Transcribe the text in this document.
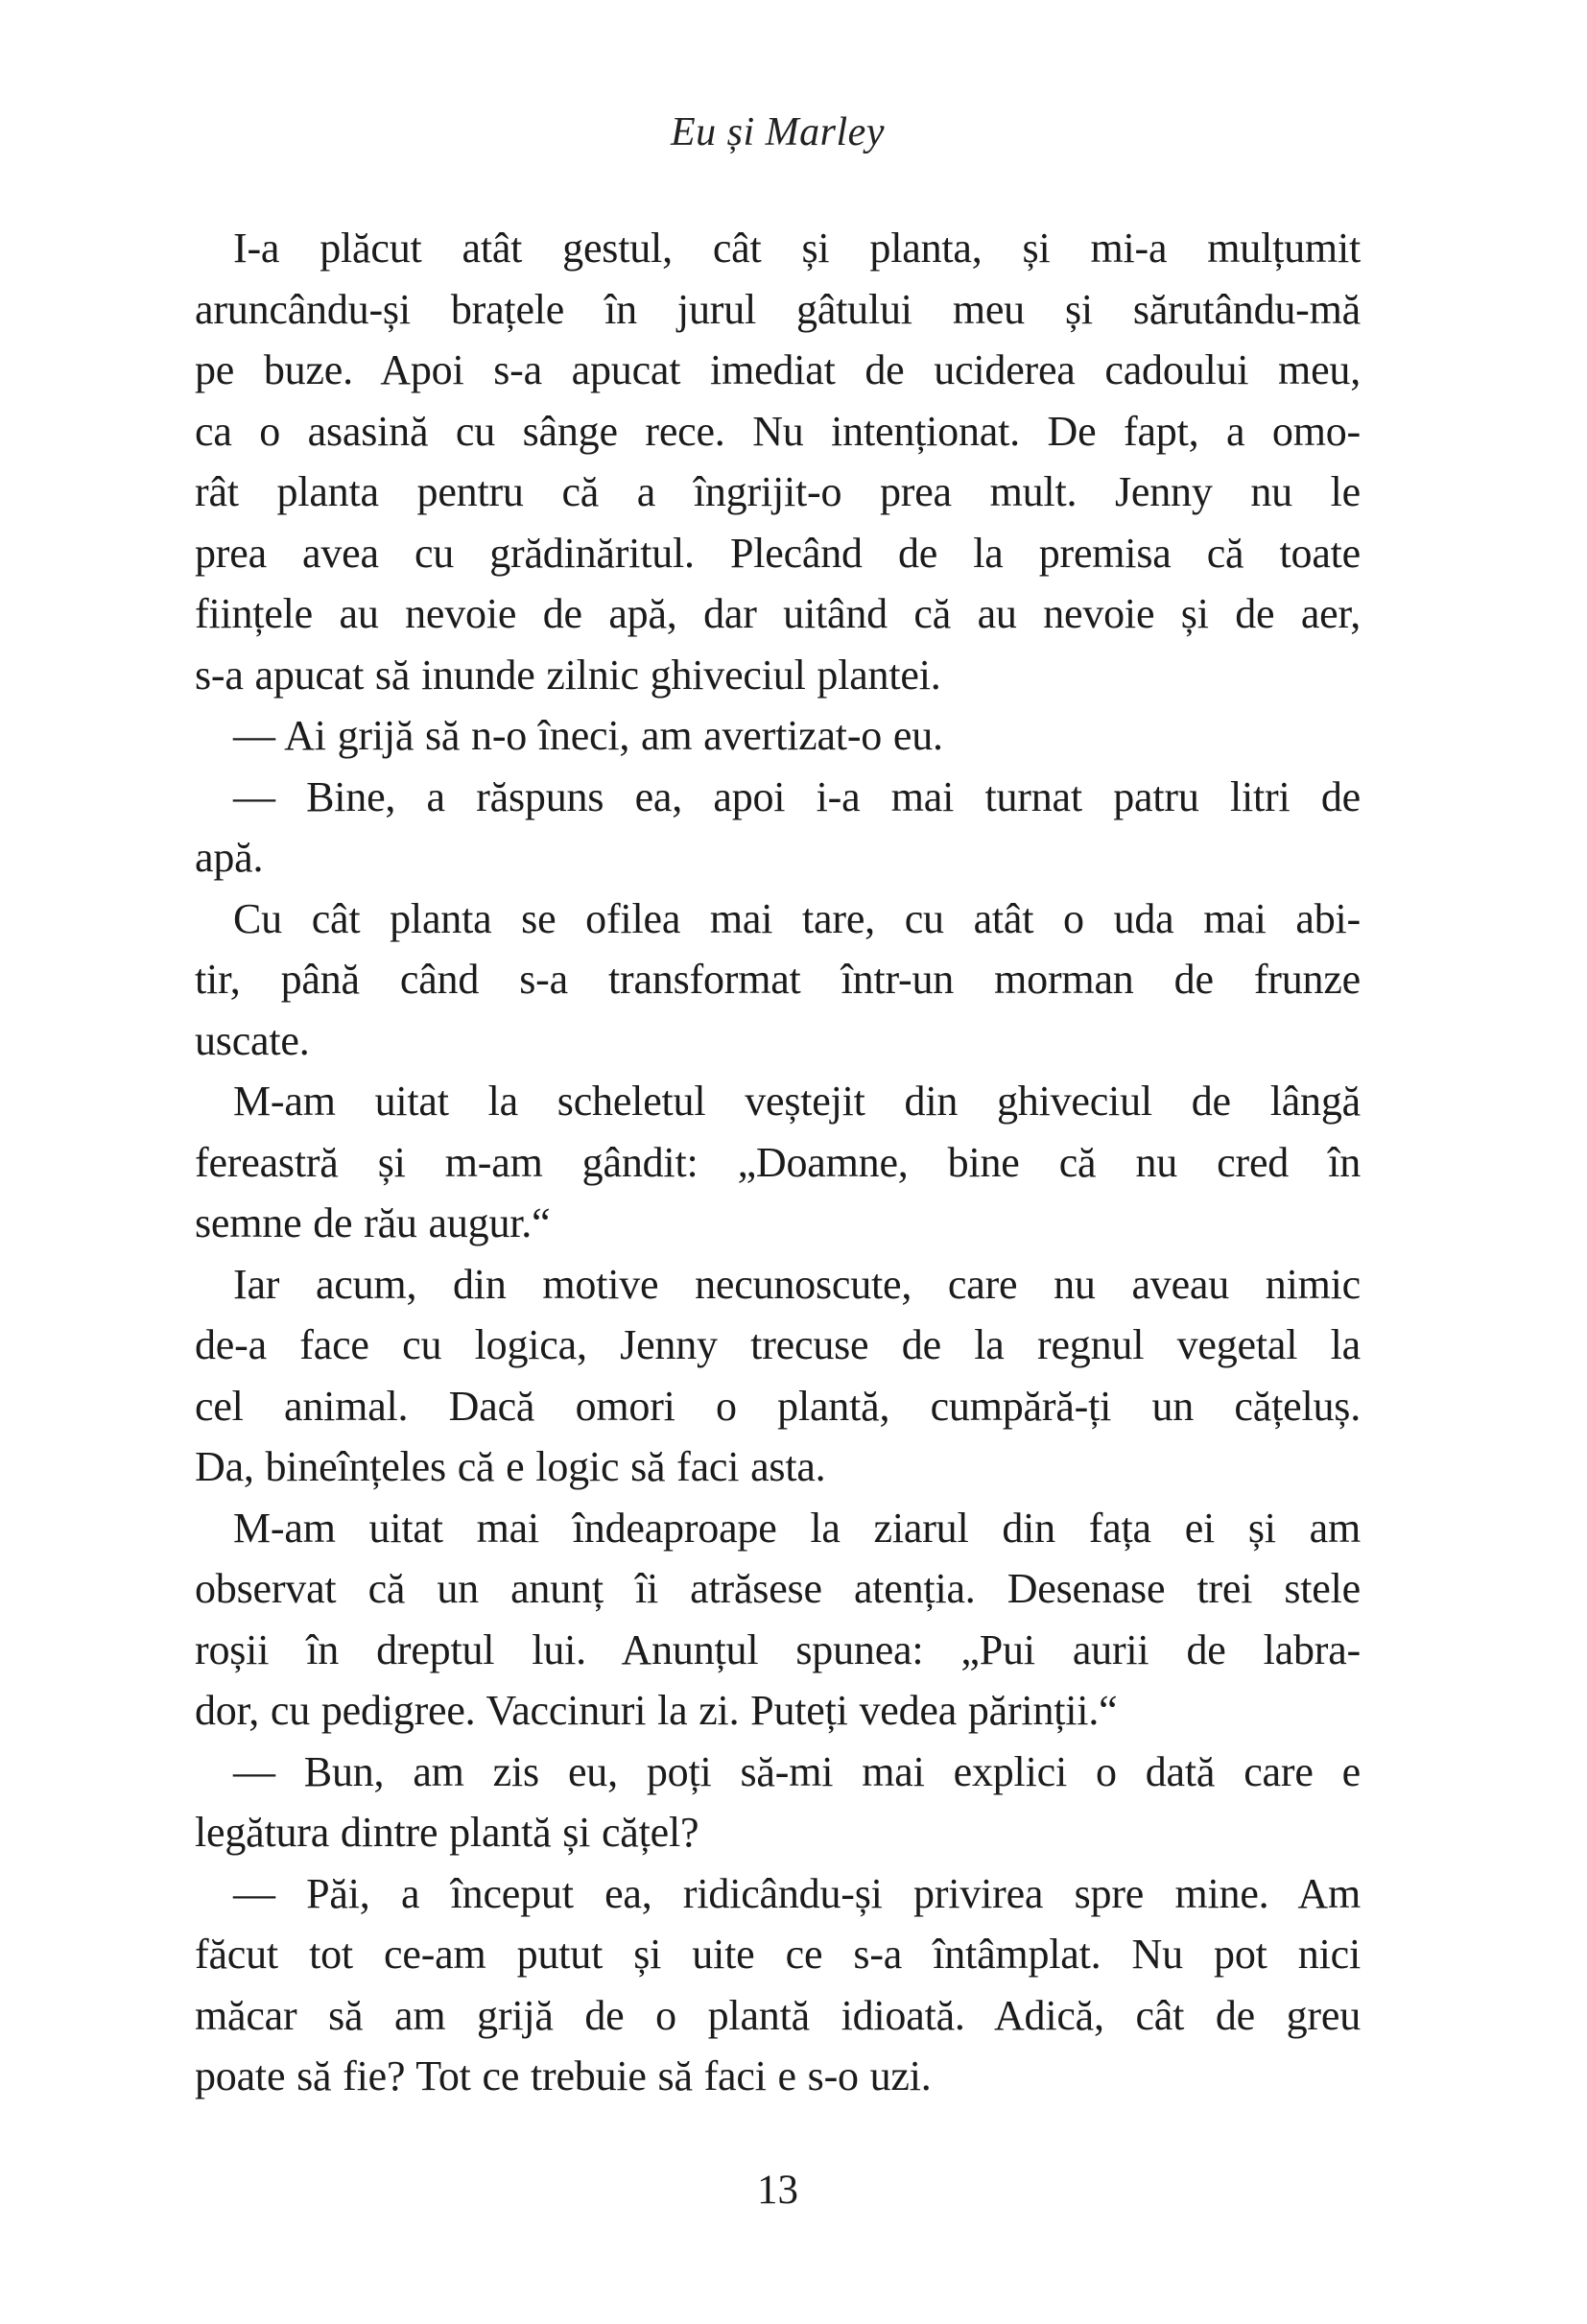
Eu și Marley
I-a plăcut atât gestul, cât și planta, și mi-a mulțumit
aruncându-și brațele în jurul gâtului meu și sărutându-mă
pe buze. Apoi s-a apucat imediat de uciderea cadoului meu,
ca o asasină cu sânge rece. Nu intenționat. De fapt, a omo-
rât planta pentru că a îngrijit-o prea mult. Jenny nu le
prea avea cu grădinăritul. Plecând de la premisa că toate
ființele au nevoie de apă, dar uitând că au nevoie și de aer,
s-a apucat să inunde zilnic ghiveciul plantei.
— Ai grijă să n-o îneci, am avertizat-o eu.
— Bine, a răspuns ea, apoi i-a mai turnat patru litri de
apă.
Cu cât planta se ofilea mai tare, cu atât o uda mai abi-
tir, până când s-a transformat într-un morman de frunze
uscate.
M-am uitat la scheletul veștejit din ghiveciul de lângă
fereastră și m-am gândit: „Doamne, bine că nu cred în
semne de rău augur.“
Iar acum, din motive necunoscute, care nu aveau nimic
de-a face cu logica, Jenny trecuse de la regnul vegetal la
cel animal. Dacă omori o plantă, cumpără-ți un cățeluș.
Da, bineînțeles că e logic să faci asta.
M-am uitat mai îndeaproape la ziarul din fața ei și am
observat că un anunț îi atrăsese atenția. Desenase trei stele
roșii în dreptul lui. Anunțul spunea: „Pui aurii de labra-
dor, cu pedigree. Vaccinuri la zi. Puteți vedea părinții.“
— Bun, am zis eu, poți să-mi mai explici o dată care e
legătura dintre plantă și cățel?
— Păi, a început ea, ridicându-și privirea spre mine. Am
făcut tot ce-am putut și uite ce s-a întâmplat. Nu pot nici
măcar să am grijă de o plantă idioată. Adică, cât de greu
poate să fie? Tot ce trebuie să faci e s-o uzi.
13
